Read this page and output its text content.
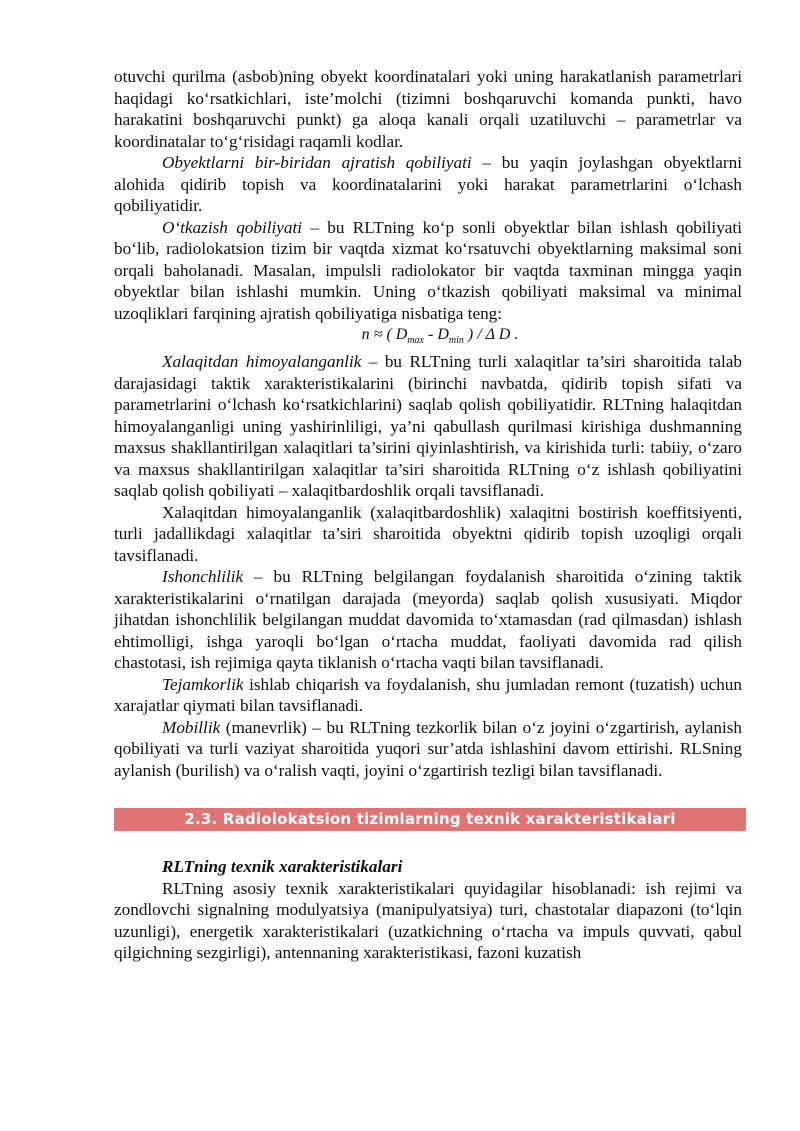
otuvchi qurilma (asbob)ning obyekt koordinatalari yoki uning harakatlanish parametrlari haqidagi ko‘rsatkichlari, iste’molchi (tizimni boshqaruvchi komanda punkti, havo harakatini boshqaruvchi punkt) ga aloqa kanali orqali uzatiluvchi – parametrlar va koordinatalar to‘g‘risidagi raqamli kodlar.

Obyektlarni bir-biridan ajratish qobiliyati – bu yaqin joylashgan obyektlarni alohida qidirib topish va koordinatalarini yoki harakat parametrlarini o‘lchash qobiliyatidir.

O‘tkazish qobiliyati – bu RLTning ko‘p sonli obyektlar bilan ishlash qobiliyati bo‘lib, radiolokatsion tizim bir vaqtda xizmat ko‘rsatuvchi obyektlarning maksimal soni orqali baholanadi. Masalan, impulsli radiolokator bir vaqtda taxminan mingga yaqin obyektlar bilan ishlashi mumkin. Uning o‘tkazish qobiliyati maksimal va minimal uzoqliklari farqining ajratish qobiliyatiga nisbatiga teng:

n ≈ ( $D_{max} - D_{min}$ ) / Δ D .

Xalaqitdan himoyalanganlik – bu RLTning turli xalaqitlar ta’siri sharoitida talab darajasidagi taktik xarakteristikalarini (birinchi navbatda, qidirib topish sifati va parametrlarini o‘lchash ko‘rsatkichlarini) saqlab qolish qobiliyatidir. RLTning halaqitdan himoyalanganligi uning yashirinliligi, ya’ni qabullash qurilmasi kirishiga dushmanning maxsus shakllantirilgan xalaqitlari ta’sirini qiyinlashtirish, va kirishida turli: tabiiy, o‘zaro va maxsus shakllantirilgan xalaqitlar ta’siri sharoitida RLTning o‘z ishlash qobiliyatini saqlab qolish qobiliyati – xalaqitbardoshlik orqali tavsiflanadi.

Xalaqitdan himoyalanganlik (xalaqitbardoshlik) xalaqitni bostirish koeffitsiyenti, turli jadallikdagi xalaqitlar ta’siri sharoitida obyektni qidirib topish uzoqligi orqali tavsiflanadi.

Ishonchlilik – bu RLTning belgilangan foydalanish sharoitida o‘zining taktik xarakteristikalarini o‘rnatilgan darajada (meyorda) saqlab qolish xususiyati. Miqdor jihatdan ishonchlilik belgilangan muddat davomida to‘xtamasdan (rad qilmasdan) ishlash ehtimolligi, ishga yaroqli bo‘lgan o‘rtacha muddat, faoliyati davomida rad qilish chastotasi, ish rejimiga qayta tiklanish o‘rtacha vaqti bilan tavsiflanadi.

Tejamkorlik ishlab chiqarish va foydalanish, shu jumladan remont (tuzatish) uchun xarajatlar qiymati bilan tavsiflanadi.

Mobillik (manevrlik) – bu RLTning tezkorlik bilan o‘z joyini o‘zgartirish, aylanish qobiliyati va turli vaziyat sharoitida yuqori sur’atda ishlashini davom ettirishi. RLSning aylanish (burilish) va o‘ralish vaqti, joyini o‘zgartirish tezligi bilan tavsiflanadi.

2.3. Radiolokatsion tizimlarning texnik xarakteristikalari

RLTning texnik xarakteristikalari

RLTning asosiy texnik xarakteristikalari quyidagilar hisoblanadi: ish rejimi va zondlovchi signalning modulyatsiya (manipulyatsiya) turi, chastotalar diapazoni (to‘lqin uzunligi), energetik xarakteristikalari (uzatkichning o‘rtacha va impuls quvvati, qabul qilgichning sezgirligi), antennaning xarakteristikasi, fazoni kuzatish
